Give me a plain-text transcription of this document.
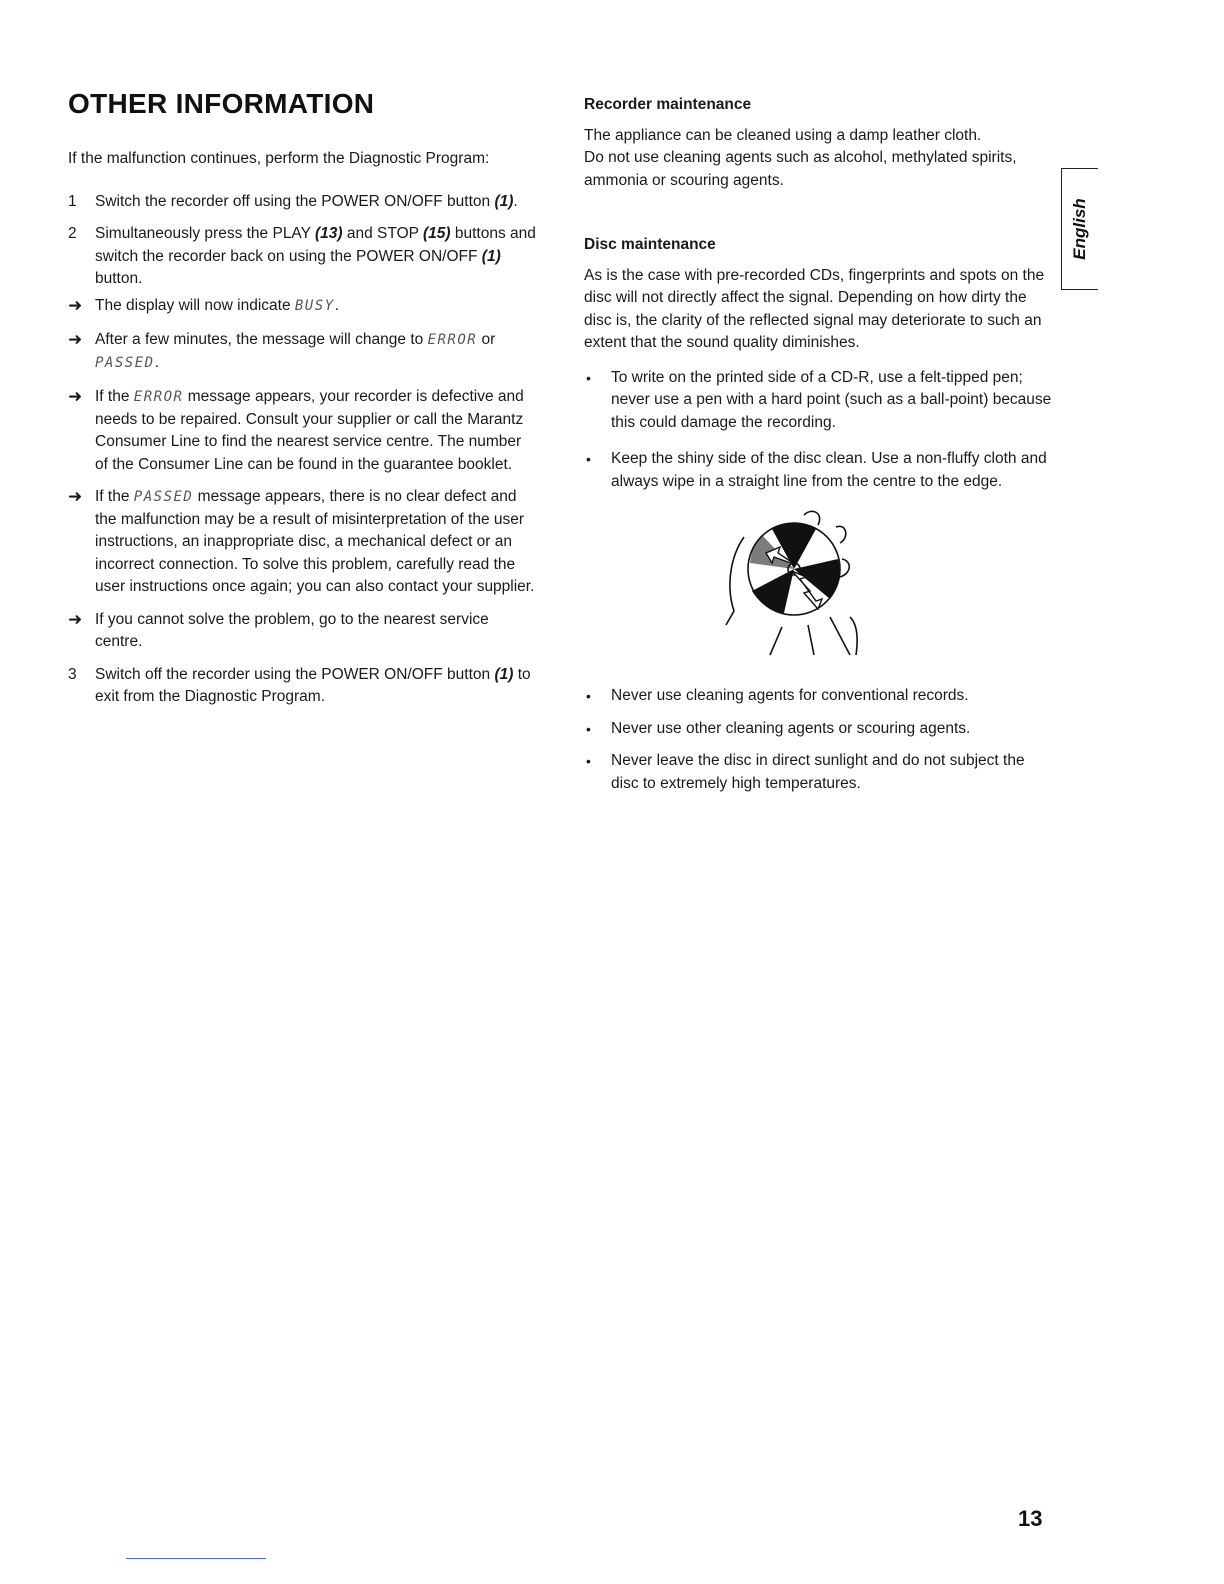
OTHER INFORMATION

If the malfunction continues, perform the Diagnostic Program:

1	Switch the recorder off using the POWER ON/OFF button (1).
2	Simultaneously press the PLAY (13) and STOP (15) buttons and switch the recorder back on using the POWER ON/OFF (1) button.
➜ The display will now indicate BUSY.
➜ After a few minutes, the message will change to ERROR or PASSED.
➜ If the ERROR message appears, your recorder is defective and needs to be repaired. Consult your supplier or call the Marantz Consumer Line to find the nearest service centre. The number of the Consumer Line can be found in the guarantee booklet.
➜ If the PASSED message appears, there is no clear defect and the malfunction may be a result of misinterpretation of the user instructions, an inappropriate disc, a mechanical defect or an incorrect connection. To solve this problem, carefully read the user instructions once again; you can also contact your supplier.
➜ If you cannot solve the problem, go to the nearest service centre.
3	Switch off the recorder using the POWER ON/OFF button (1) to exit from the Diagnostic Program.
Recorder maintenance

The appliance can be cleaned using a damp leather cloth.

Do not use cleaning agents such as alcohol, methylated spirits, ammonia or scouring agents.

Disc maintenance

As is the case with pre-recorded CDs, fingerprints and spots on the disc will not directly affect the signal. Depending on how dirty the disc is, the clarity of the reflected signal may deteriorate to such an extent that the sound quality diminishes.

•	To write on the printed side of a CD-R, use a felt-tipped pen; never use a pen with a hard point (such as a ball-point) because this could damage the recording.
•	Keep the shiny side of the disc clean. Use a non-fluffy cloth and always wipe in a straight line from the centre to the edge.
•	Never use cleaning agents for conventional records.
•	Never use other cleaning agents or scouring agents.
•	Never leave the disc in direct sunlight and do not subject the disc to extremely high temperatures.
English
13
